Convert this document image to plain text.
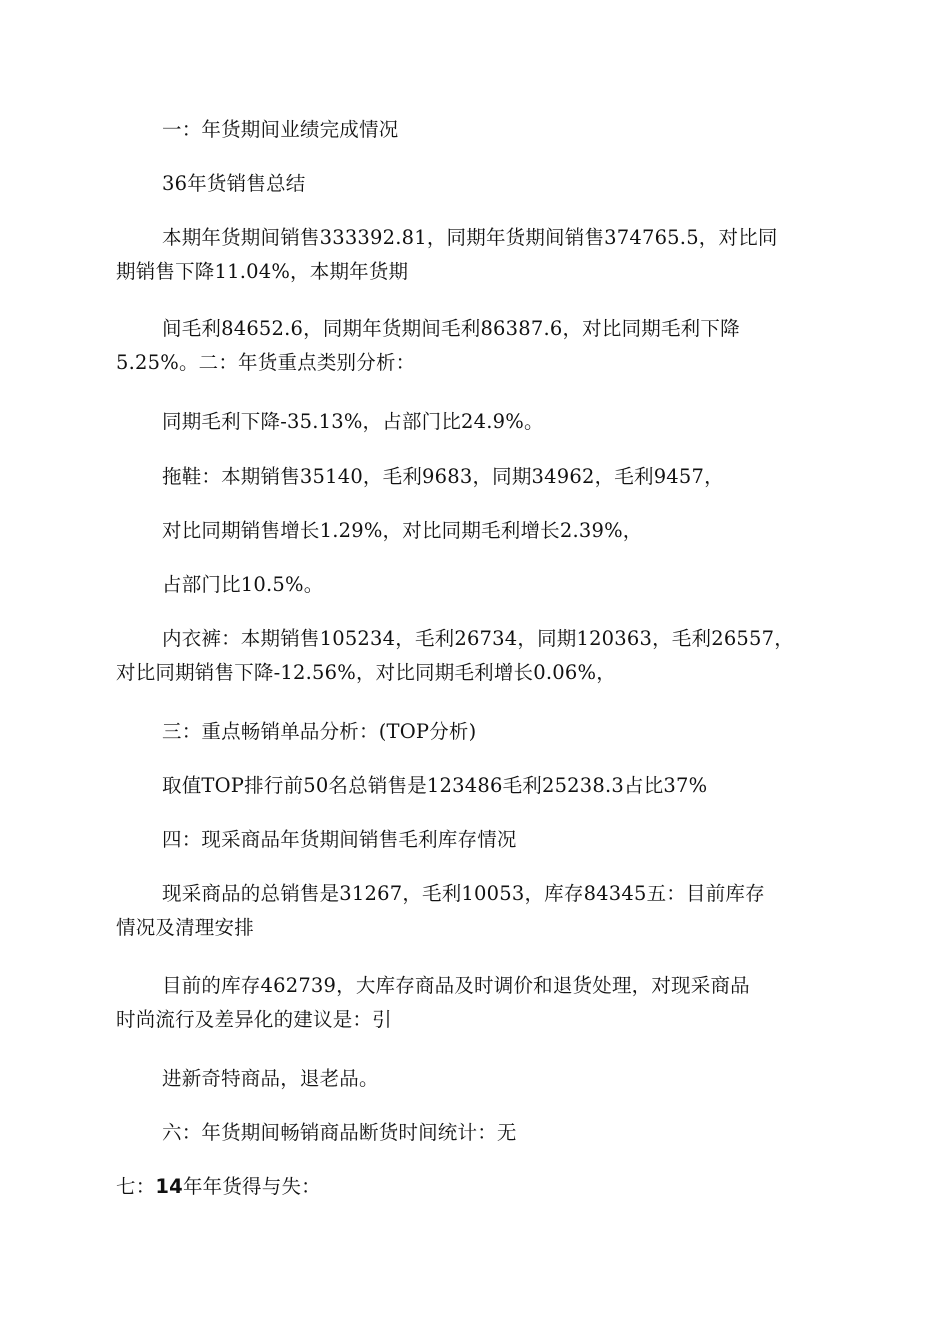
一：年货期间业绩完成情况
36年货销售总结
本期年货期间销售333392.81，同期年货期间销售374765.5，对比同
期销售下降11.04%，本期年货期
间毛利84652.6，同期年货期间毛利86387.6，对比同期毛利下降
5.25%。二：年货重点类别分析：
同期毛利下降-35.13%，占部门比24.9%。
拖鞋：本期销售35140，毛利9683，同期34962，毛利9457，
对比同期销售增长1.29%，对比同期毛利增长2.39%，
占部门比10.5%。
内衣裤：本期销售105234，毛利26734，同期120363，毛利26557，
对比同期销售下降-12.56%，对比同期毛利增长0.06%，
三：重点畅销单品分析：(TOP分析)
取值TOP排行前50名总销售是123486毛利25238.3占比37%
四：现采商品年货期间销售毛利库存情况
现采商品的总销售是31267，毛利10053，库存84345五：目前库存
情况及清理安排
目前的库存462739，大库存商品及时调价和退货处理，对现采商品
时尚流行及差异化的建议是：引
进新奇特商品，退老品。
六：年货期间畅销商品断货时间统计：无
七：14年年货得与失：
